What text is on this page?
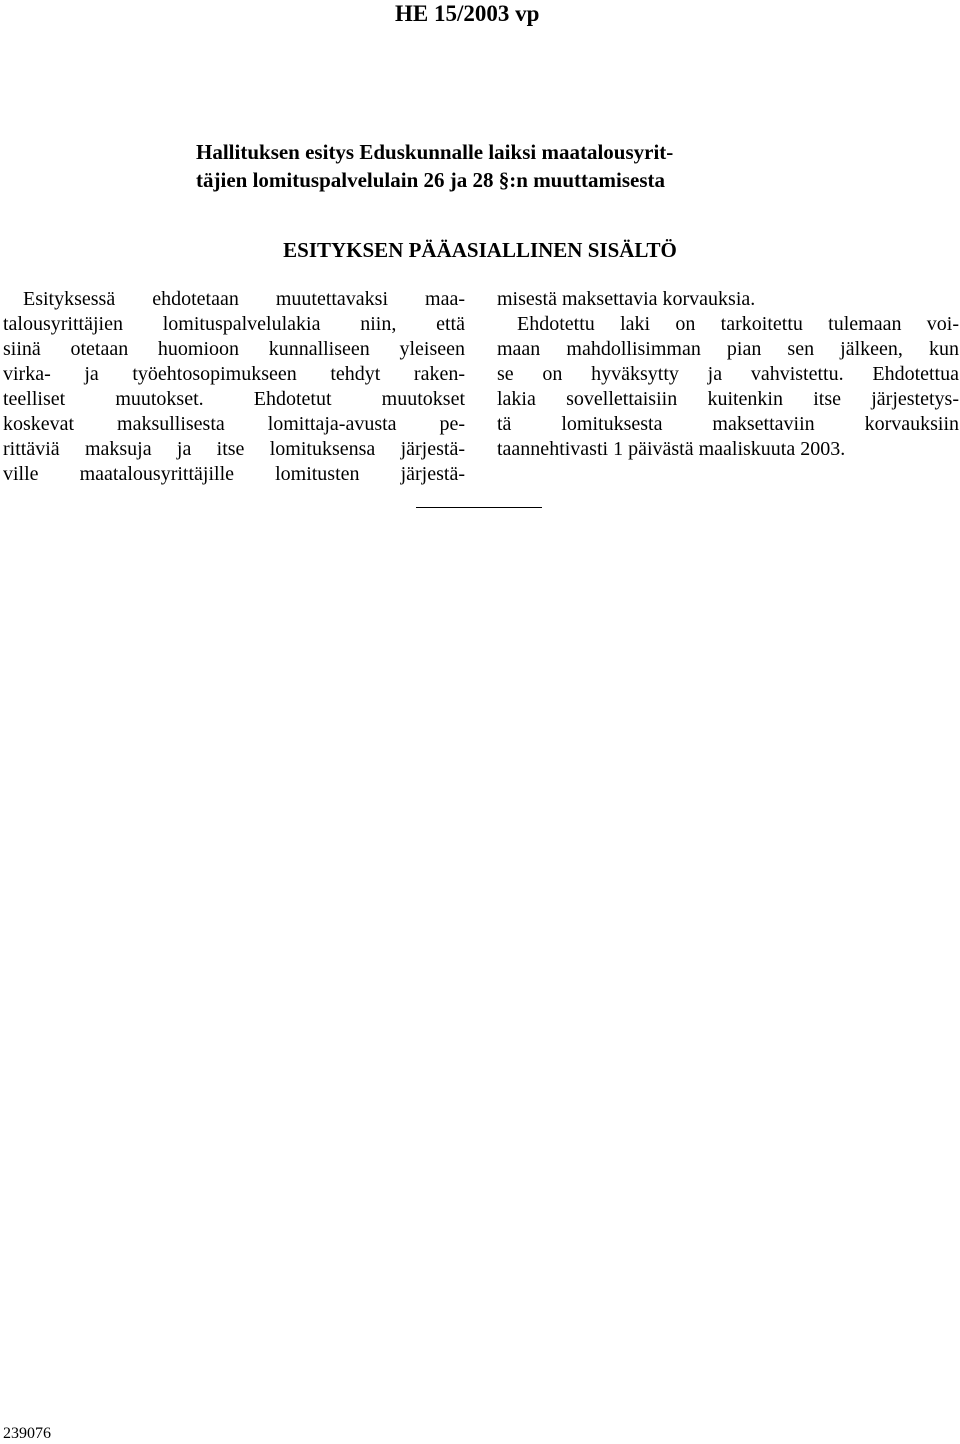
HE 15/2003 vp
Hallituksen esitys Eduskunnalle laiksi maatalousyrit-
täjien lomituspalvelulain 26 ja 28 §:n muuttamisesta
ESITYKSEN PÄÄASIALLINEN SISÄLTÖ
Esityksessä ehdotetaan muutettavaksi maa-
talousyrittäjien lomituspalvelulakia niin, että
siinä otetaan huomioon kunnalliseen yleiseen
virka- ja työehtosopimukseen tehdyt raken-
teelliset muutokset. Ehdotetut muutokset
koskevat maksullisesta lomittaja-avusta pe-
rittäviä maksuja ja itse lomituksensa järjestä-
ville maatalousyrittäjille lomitusten järjestä-
misestä maksettavia korvauksia.
Ehdotettu laki on tarkoitettu tulemaan voi-
maan mahdollisimman pian sen jälkeen, kun
se on hyväksytty ja vahvistettu. Ehdotettua
lakia sovellettaisiin kuitenkin itse järjestetys-
tä lomituksesta maksettaviin korvauksiin
taannehtivasti 1 päivästä maaliskuuta 2003.
239076
